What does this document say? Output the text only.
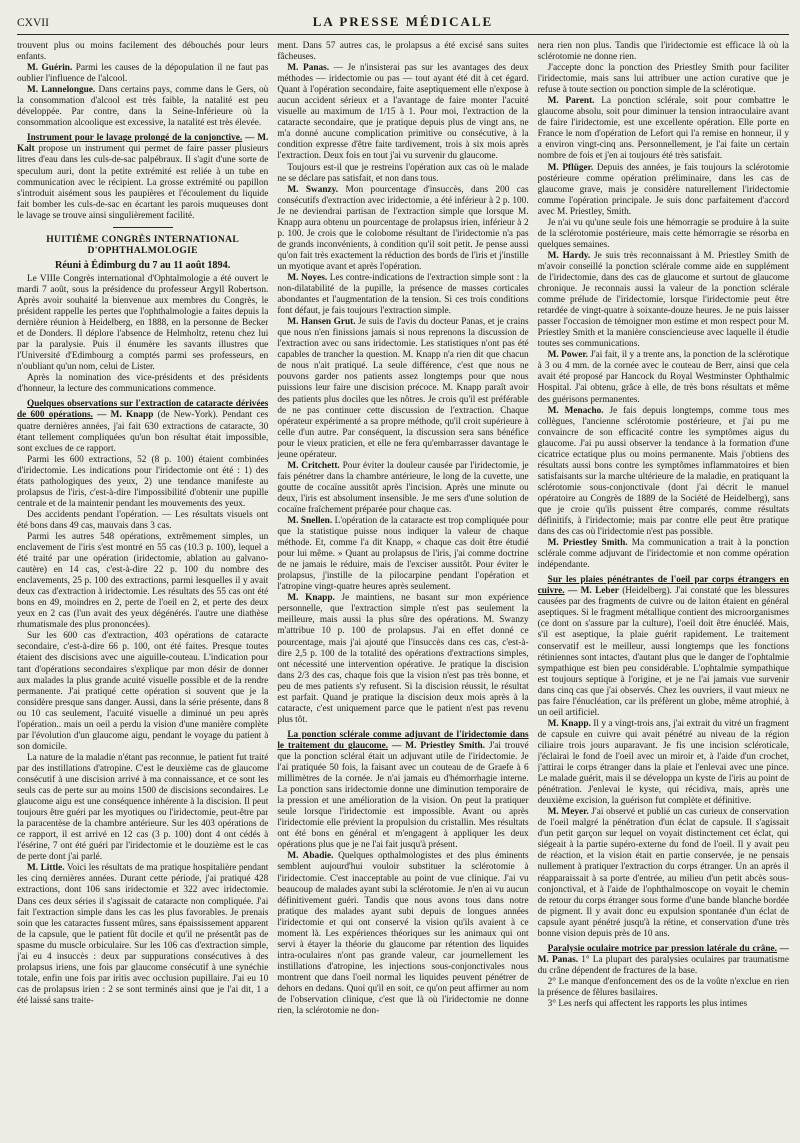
CXVII	LA PRESSE MÉDICALE

trouvent plus ou moins facilement des débouchés pour leurs enfants.

M. Guérin. Parmi les causes de la dépopulation il ne faut pas oublier l'influence de l'alcool.

M. Lannelongue. Dans certains pays, comme dans le Gers, où la consommation d'alcool est très faible, la natalité est peu développée. Par contre, dans la Seine-Inférieure où la consommation alcoolique est excessive, la natalité est très élevée.

Instrument pour le lavage prolongé de la conjonctive. — M. Kalt propose un instrument qui permet de faire passer plusieurs litres d'eau dans les culs-de-sac palpébraux. Il s'agit d'une sorte de speculum auri, dont la petite extrémité est reliée à un tube en communication avec le récipient. La grosse extrémité ou papillon s'introduit aisément sous les paupières et l'écoulement du liquide fait bomber les culs-de-sac en écartant les parois muqueuses dont le lavage se trouve ainsi singulièrement facilité.

HUITIÈME CONGRÈS INTERNATIONAL D'OPHTHALMOLOGIE
Réuni à Édimburg du 7 au 11 août 1894.

Le VIIIe Congrès international d'Ophtalmologie a été ouvert le mardi 7 août, sous la présidence du professeur Argyll Robertson. Après avoir souhaité la bienvenue aux membres du Congrès, le président rappelle les pertes que l'ophthalmologie a faites depuis la dernière réunion à Heidelberg, en 1888, en la personne de Becker et de Donders. Il déplore l'absence de Helmholtz, retenu chez lui par la paralysie. Puis il énumère les savants illustres que l'Université d'Edimbourg a comptés parmi ses professeurs, en n'oubliant qu'un nom, celui de Lister.

Après la nomination des vice-présidents et des présidents d'honneur, la lecture des communications commence.

Quelques observations sur l'extraction de cataracte dérivées de 600 opérations. — M. Knapp (de New-York). Pendant ces quatre dernières années, j'ai fait 630 extractions de cataracte, 30 étant tellement compliquées qu'un bon résultat était impossible, sont exclues de ce rapport.

Parmi les 600 extractions, 52 (8 p. 100) étaient combinées d'iridectomie. Les indications pour l'iridectomie ont été : 1) des états pathologiques des yeux, 2) une tendance manifeste au prolapsus de l'iris, c'est-à-dire l'impossibilité d'obtenir une pupille centrale et de la maintenir pendant les mouvements des yeux.

Des accidents pendant l'opération. — Les résultats visuels ont été bons dans 49 cas, mauvais dans 3 cas.

Parmi les autres 548 opérations, extrêmement simples, un enclavement de l'iris s'est montré en 55 cas (10.3 p. 100), lequel a été traité par une opération (iridectomie, ablation au galvano-cautère) en 14 cas, c'est-à-dire 22 p. 100 du nombre des enclavements, 25 p. 100 des extractions, parmi lesquelles il y avait deux cas d'extraction à iridectomie. Les résultats des 55 cas ont été bons en 49, moindres en 2, perte de l'oeil en 2, et perte des deux yeux en 2 cas (l'un avait des yeux dégénérés. l'autre une diathèse rhumatismale des plus prononcées).

Sur les 600 cas d'extraction, 403 opérations de cataracte secondaire, c'est-à-dire 66 p. 100, ont été faites. Presque toutes étaient des discisions avec une aiguille-couteau. L'indication pour tant d'opérations secondaires s'explique par mon désir de donner aux malades la plus grande acuité visuelle possible et de la rendre permanente. J'ai pratiqué cette opération si souvent que je la considère presque sans danger. Aussi, dans la série présente, dans 8 ou 10 cas seulement, l'acuité visuelle a diminué un peu après l'opération.. mais un oeil a perdu la vision d'une manière complète par l'évolution d'un glaucome aigu, pendant le voyage du patient à son domicile.

La nature de la maladie n'étant pas reconnue, le patient fut traité par des instillations d'atropine. C'est le deuxième cas de glaucome consécutif à une discision arrivé à ma connaissance, et ce sont les seuls cas de perte sur au moins 1500 de discisions secondaires. Le glaucome aigu est une conséquence inhérente à la discision. Il peut toujours être guéri par les myotiques ou l'iridectomie, peut-être par la paracentèse de la chambre antérieure. Sur les 403 opérations de ce rapport, il est arrivé en 12 cas (3 p. 100) dont 4 ont cédés à l'ésérine, 7 ont été guéri par l'iridectomie et le douzième est le cas de perte dont j'ai parlé.

M. Little. Voici les résultats de ma pratique hospitalière pendant les cinq dernières années. Durant cette période, j'ai pratiqué 428 extractions, dont 106 sans iridectomie et 322 avec iridectomie. Dans ces deux séries il s'agissait de cataracte non compliquée. J'ai fait l'extraction simple dans les cas les plus favorables. Je prenais soin que les cataractes fussent mûres, sans épaississement apparent de la capsule, que le patient fût docile et qu'il ne présentât pas de spasme du muscle orbiculaire. Sur les 106 cas d'extraction simple, j'ai eu 4 insuccès : deux par suppurations consécutives à des prolapsus iriens, une fois par glaucome consécutif à une synéchie totale, enfin une fois par iritis avec occlusion pupillaire. J'ai eu 10 cas de prolapsus irien : 2 se sont terminés ainsi que je l'ai dit, 1 a été laissé sans traite-

ment. Dans 57 autres cas, le prolapsus a été excisé sans suites fâcheuses.

M. Panas. — Je n'insisterai pas sur les avantages des deux méthodes — iridectomie ou pas — tout ayant été dit à cet égard. Quant à l'opération secondaire, faite aseptiquement elle n'expose à aucun accident sérieux et a l'avantage de faire monter l'acuité visuelle au maximum de 1/15 à 1. Pour moi, l'extraction de la cataracte secondaire, que je pratique depuis plus de vingt ans, ne m'a donné aucune complication primitive ou consécutive, à la condition expresse d'être faite tardivement, trois à six mois après l'extraction. Deux fois en tout j'ai vu survenir du glaucome.

Toujours est-il que je restreins l'opération aux cas où le malade ne se déclare pas satisfait, et non dans tous.

M. Swanzy. Mon pourcentage d'insuccès, dans 200 cas consécutifs d'extraction avec iridectomie, a été inférieur à 2 p. 100. Je ne deviendrai partisan de l'extraction simple que lorsque M. Knapp aura obtenu un pourcentage de prolapsus irien, inférieur à 2 p. 100. Je crois que le colobome résultant de l'iridectomie n'a pas de grands inconvénients, à condition qu'il soit petit. Je pense aussi qu'on fait très exactement la réduction des bords de l'iris et j'instille un myotique avant et après l'opération.

M. Noyes. Les contre-indications de l'extraction simple sont : la non-dilatabilité de la pupille, la présence de masses corticales abondantes et l'augmentation de la tension. Si ces trois conditions font défaut, je fais toujours l'extraction simple.

M. Hansen Grut. Je suis de l'avis du docteur Panas, et je crains que nous n'en finissions jamais si nous reprenons la discussion de l'extraction avec ou sans iridectomie. Les statistiques n'ont pas été capables de trancher la question. M. Knapp n'a rien dit que chacun de nous n'ait pratiqué. La seule différence, c'est que nous ne pouvons garder nos patients assez longtemps pour que nous puissions leur faire une discision précoce. M. Knapp paraît avoir des patients plus dociles que les nôtres. Je crois qu'il est préférable de ne pas continuer cette discussion de l'extraction. Chaque opérateur expérimenté a sa propre méthode, qu'il croit supérieure à celle d'un autre. Par conséquent, la discussion sera sans bénéfice pour le vieux praticien, et elle ne fera qu'embarrasser davantage le jeune opérateur.

M. Critchett. Pour éviter la douleur causée par l'iridectomie, je fais pénétrer dans la chambre antérieure, le long de la cuvette, une goutte de cocaïne aussitôt après l'incision. Après une minute ou deux, l'iris est absolument insensible. Je me sers d'une solution de cocaïne fraîchement préparée pour chaque cas.

M. Snellen. L'opération de la cataracte est trop compliquée pour que la statistique puisse nous indiquer la valeur de chaque méthode. Et, comme l'a dit Knapp, « chaque cas doit être étudié pour lui même. » Quant au prolapsus de l'iris, j'ai comme doctrine de ne jamais le réduire, mais de l'exciser aussitôt. Pour éviter le prolapsus, j'instille de la pilocarpine pendant l'opération et l'atropine vingt-quatre heures après seulement.

M. Knapp. Je maintiens, ne basant sur mon expérience personnelle, que l'extraction simple n'est pas seulement la meilleure, mais aussi la plus sûre des opérations. M. Swanzy m'attribue 10 p. 100 de prolapsus. J'ai en effet donné ce pourcentage, mais j'ai ajouté que l'insuccès dans ces cas, c'est-à-dire 2,5 p. 100 de la totalité des opérations d'extractions simples, ont nécessité une intervention opérative. Je pratique la discision dans 2/3 des cas, chaque fois que la vision n'est pas très bonne, et peu de mes patients s'y refusent. Si la discision réussit, le résultat est parfait. Quand je pratique la discision deux mois après à la cataracte, c'est uniquement parce que le patient n'est pas revenu plus tôt.

La ponction sclérale comme adjuvant de l'iridectomie dans le traitement du glaucome. — M. Priestley Smith. J'ai trouvé que la ponction scléral était un adjuvant utile de l'iridectomie. Je l'ai pratiquée 50 fois, la faisant avec un couteau de de Graefe à 6 millimètres de la cornée. Je n'ai jamais eu d'hémorrhagie interne. La ponction sans iridectomie donne une diminution temporaire de la pression et une amélioration de la vision. On peut la pratiquer seule lorsque l'iridectomie est impossible. Avant ou après l'iridectomie elle prévient la propulsion du cristallin. Mes résultats ont été bons en général et m'engagent à appliquer les deux opérations plus que je ne l'ai fait jusqu'à présent.

M. Abadie. Quelques opthalmologistes et des plus éminents semblent aujourd'hui vouloir substituer la sclérotomie à l'iridectomie. C'est inacceptable au point de vue clinique. J'ai vu beaucoup de malades ayant subi la sclérotomie. Je n'en ai vu aucun définitivement guéri. Tandis que nous avons tous dans notre pratique des malades ayant subi depuis de longues années l'iridectomie et qui ont conservé la vision qu'ils avaient à ce moment là. Les expériences théoriques sur les animaux qui ont servi à étayer la théorie du glaucome par rétention des liquides intra-oculaires n'ont pas grande valeur, car journellement les instillations d'atropine, les injections sous-conjonctivales nous montrent que dans l'oeil normal les liquides peuvent pénétrer de dehors en dedans. Quoi qu'il en soit, ce qu'on peut affirmer au nom de l'observation clinique, c'est que là où l'iridectomie ne donne rien, la sclérotomie ne don-

nera rien non plus. Tandis que l'iridectomie est efficace là où la sclérotomie ne donne rien.

J'accepte donc la ponction des Priestley Smith pour faciliter l'iridectomie, mais sans lui attribuer une action curative que je refuse à toute section ou ponction simple de la sclérotique.

M. Parent. La ponction sclérale, soit pour combattre le glaucome absolu, soit pour diminuer la tension intraoculaire avant de faire l'iridectomie, est une excellente opération. Elle porte en France le nom d'opération de Lefort qui l'a remise en honneur, il y a environ vingt-cinq ans. Personnellement, je l'ai faite un certain nombre de fois et j'en ai toujours été très satisfait.

M. Pflüger. Depuis des années, je fais toujours la sclérotomie postérieure comme opération préliminaire, dans les cas de glaucome grave, mais je considère naturellement l'iridectomie comme l'opération principale. Je suis donc parfaitement d'accord avec M. Priestley, Smith.

Je n'ai vu qu'une seule fois une hémorragie se produire à la suite de la sclérotomie postérieure, mais cette hémorragie se résorba en quelques semaines.

M. Hardy. Je suis très reconnaissant à M. Priestley Smith de m'avoir conseillé la ponction sclérale comme aide en supplément de l'iridectomie, dans des cas de glaucome et surtout de glaucome chronique. Je reconnais aussi la valeur de la ponction sclérale comme prélude de l'iridectomie, lorsque l'iridectomie peut être retardée de vingt-quatre à soixante-douze heures. Je ne puis laisser passer l'occasion de témoigner mon estime et mon respect pour M. Priestley Smith et la manière consciencieuse avec laquelle il étudie toutes ses communications.

M. Power. J'ai fait, il y a trente ans, la ponction de la sclérotique à 3 ou 4 mm. de la cornée avec le couteau de Berr, ainsi que cela avait été proposé par Hancock du Royal Westminster Ophthalmic Hospital. J'ai obtenu, grâce à elle, de très bons résultats et même des guérisons permanentes.

M. Menacho. Je fais depuis longtemps, comme tous mes collègues, l'ancienne sclérotomie postérieure, et j'ai pu me convaincre de son efficacité contre les symptômes aigus du glaucome. J'ai pu aussi observer la tendance à la formation d'une cicatrice ectatique plus ou moins permanente. Mais j'obtiens des résultats aussi bons contre les symptômes inflammatoires et bien satisfaisants sur la marche ultérieure de la maladie, en pratiquant la sclérotomie sous-conjonctivale (dont j'ai décrit le manuel opératoire au Congrès de 1889 de la Société de Heidelberg), sans que je croie qu'ils puissent être comparés, comme résultats définitifs, à l'iridectomie; mais par contre elle peut être pratique dans des cas où l'iridectomie n'est pas possible.

M. Priestley Smith. Ma communication a trait à la ponction sclérale comme adjuvant de l'iridectomie et non comme opération indépendante.

Sur les plaies pénétrantes de l'oeil par corps étrangers en cuivre. — M. Leber (Heidelberg). J'ai constaté que les blessures causées par des fragments de cuivre ou de laiton étaient en général aseptiques. Si le fragment métallique contient des microorganismes (ce dont on s'assure par la culture), l'oeil doit être énucléé. Mais, s'il est aseptique, la plaie guérit rapidement. Le traitement conservatif est le meilleur, aussi longtemps que les fonctions rétiniennes sont intactes, d'autant plus que le danger de l'ophtalmie sympathique est bien peu considérable. L'ophtalmie sympathique est toujours septique à l'origine, et je ne l'ai jamais vue survenir dans cinq cas que j'ai observés. Chez les ouvriers, il vaut mieux ne pas faire l'énucléation, car ils préfèrent un globe, même atrophié, à un oeil artificiel.

M. Knapp. Il y a vingt-trois ans, j'ai extrait du vitré un fragment de capsule en cuivre qui avait pénétré au niveau de la région ciliaire trois jours auparavant. Je fis une incision scléroticale, j'éclairai le fond de l'oeil avec un miroir et, à l'aide d'un crochet, j'attirai le corps étranger dans la plaie et l'enlevai avec une pince. Le malade guérit, mais il se développa un kyste de l'iris au point de pénétration. J'enlevai le kyste, qui récidiva, mais, après une deuxième excision, la guérison fut complète et définitive.

M. Meyer. J'ai observé et publié un cas curieux de conservation de l'oeil malgré la pénétration d'un éclat de capsule. Il s'agissait d'un petit garçon sur lequel on voyait distinctement cet éclat, qui siégeait à la partie supéro-externe du fond de l'oeil. Il y avait peu de réaction, et la vision était en partie conservée, je ne pensais nullement à pratiquer l'extraction du corps étranger. Un an après il réapparaissait à sa porte d'entrée, au milieu d'un petit abcès sous-conjonctival, et à l'aide de l'ophthalmoscope on voyait le chemin de retour du corps étranger sous forme d'une bande blanche bordée de pigment. Il y avait donc eu expulsion spontanée d'un éclat de capsule ayant pénétré jusqu'à la rétine, et conservation d'une très bonne vision depuis près de 10 ans.

Paralysie oculaire motrice par pression latérale du crâne. — M. Panas. 1° La plupart des paralysies oculaires par traumatisme du crâne dépendent de fractures de la base.

2° Le manque d'enfoncement des os de la voûte n'exclue en rien la présence de fêlures basilaires.

3° Les nerfs qui affectent les rapports les plus intimes
